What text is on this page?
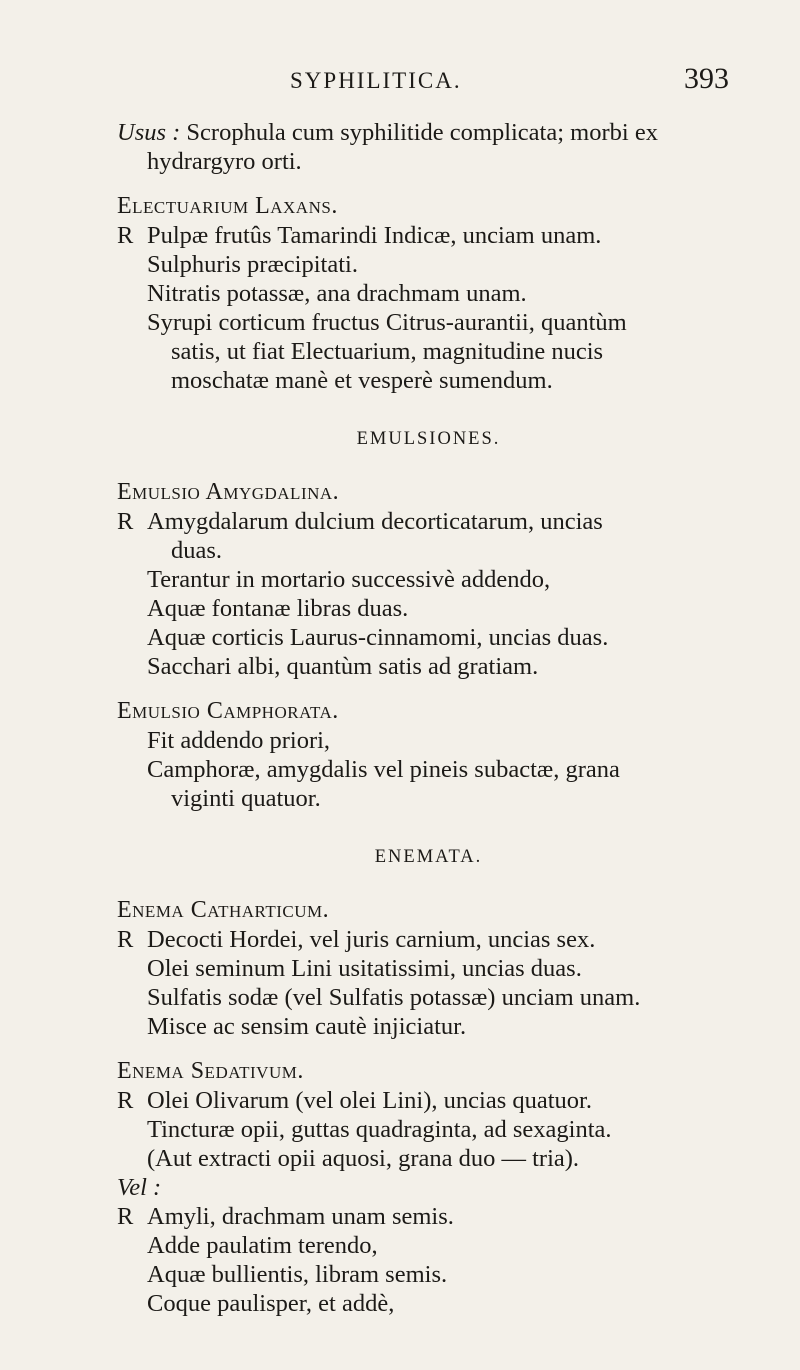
SYPHILITICA.	393
Usus : Scrophula cum syphilitide complicata; morbi ex
hydrargyro orti.
Electuarium Laxans.
R Pulpæ frutûs Tamarindi Indicæ, unciam unam.
Sulphuris præcipitati.
Nitratis potassæ, ana drachmam unam.
Syrupi corticum fructus Citrus-aurantii, quantùm
satis, ut fiat Electuarium, magnitudine nucis
moschatæ manè et vesperè sumendum.
EMULSIONES.
Emulsio Amygdalina.
R Amygdalarum dulcium decorticatarum, uncias
duas.
Terantur in mortario successivè addendo,
Aquæ fontanæ libras duas.
Aquæ corticis Laurus-cinnamomi, uncias duas.
Sacchari albi, quantùm satis ad gratiam.
Emulsio Camphorata.
Fit addendo priori,
Camphoræ, amygdalis vel pineis subactæ, grana
viginti quatuor.
ENEMATA.
Enema Catharticum.
R Decocti Hordei, vel juris carnium, uncias sex.
Olei seminum Lini usitatissimi, uncias duas.
Sulfatis sodæ (vel Sulfatis potassæ) unciam unam.
Misce ac sensim cautè injiciatur.
Enema Sedativum.
R Olei Olivarum (vel olei Lini), uncias quatuor.
Tincturæ opii, guttas quadraginta, ad sexaginta.
(Aut extracti opii aquosi, grana duo — tria).
Vel :
R Amyli, drachmam unam semis.
Adde paulatim terendo,
Aquæ bullientis, libram semis.
Coque paulisper, et addè,
